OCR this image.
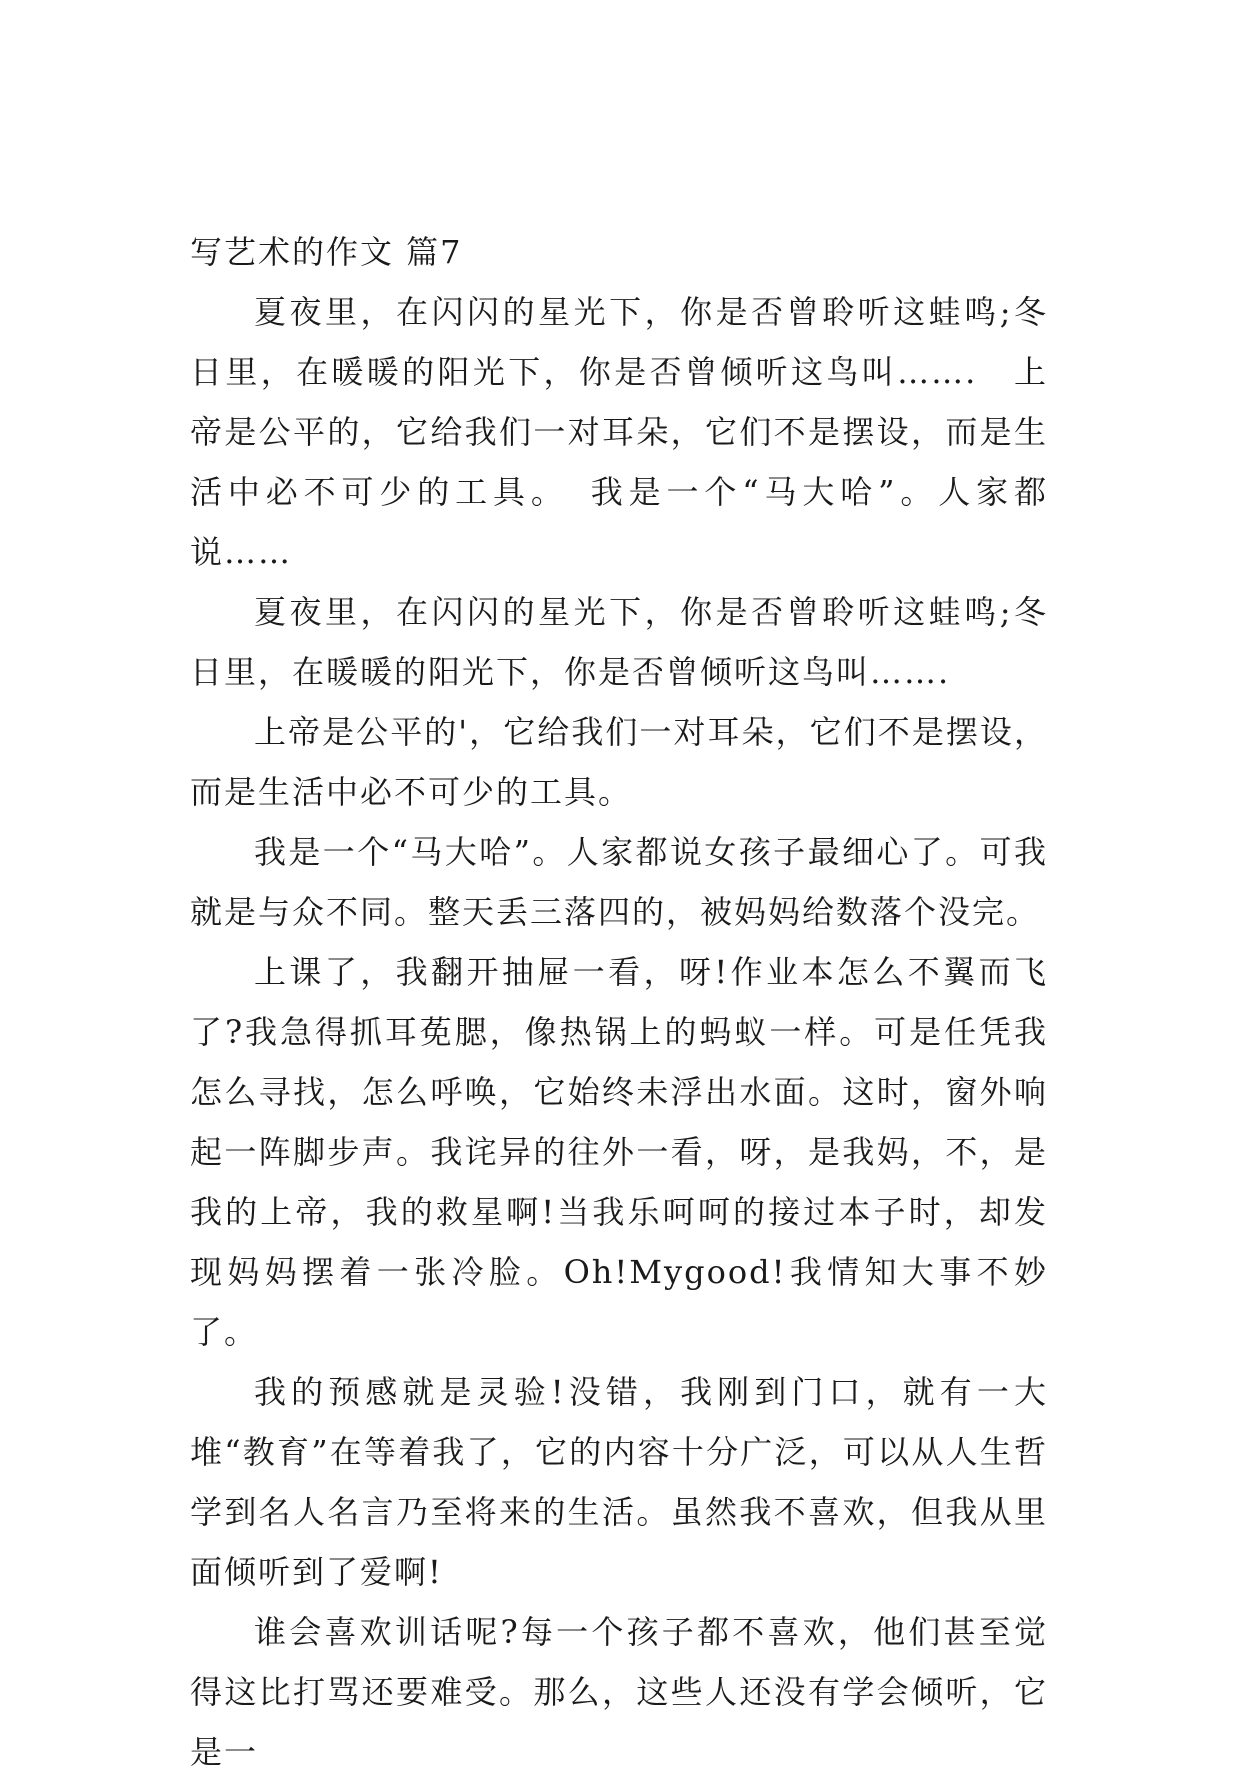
写艺术的作文 篇7

夏夜里，在闪闪的星光下，你是否曾聆听这蛙鸣;冬日里，在暖暖的阳光下，你是否曾倾听这鸟叫…….　上帝是公平的，它给我们一对耳朵，它们不是摆设，而是生活中必不可少的工具。　我是一个“马大哈”。人家都说……

夏夜里，在闪闪的星光下，你是否曾聆听这蛙鸣;冬日里，在暖暖的阳光下，你是否曾倾听这鸟叫…….

上帝是公平的'，它给我们一对耳朵，它们不是摆设，而是生活中必不可少的工具。

我是一个“马大哈”。人家都说女孩子最细心了。可我就是与众不同。整天丢三落四的，被妈妈给数落个没完。

上课了，我翻开抽屉一看，呀!作业本怎么不翼而飞了?我急得抓耳莬腮，像热锅上的蚂蚁一样。可是任凭我怎么寻找，怎么呼唤，它始终未浮出水面。这时，窗外响起一阵脚步声。我诧异的往外一看，呀，是我妈，不，是我的上帝，我的救星啊!当我乐呵呵的接过本子时，却发现妈妈摆着一张冷脸。Oh!Mygood!我情知大事不妙了。

我的预感就是灵验!没错，我刚到门口，就有一大堆“教育”在等着我了，它的内容十分广泛，可以从人生哲学到名人名言乃至将来的生活。虽然我不喜欢，但我从里面倾听到了爱啊!

谁会喜欢训话呢?每一个孩子都不喜欢，他们甚至觉得这比打骂还要难受。那么，这些人还没有学会倾听，它是一
